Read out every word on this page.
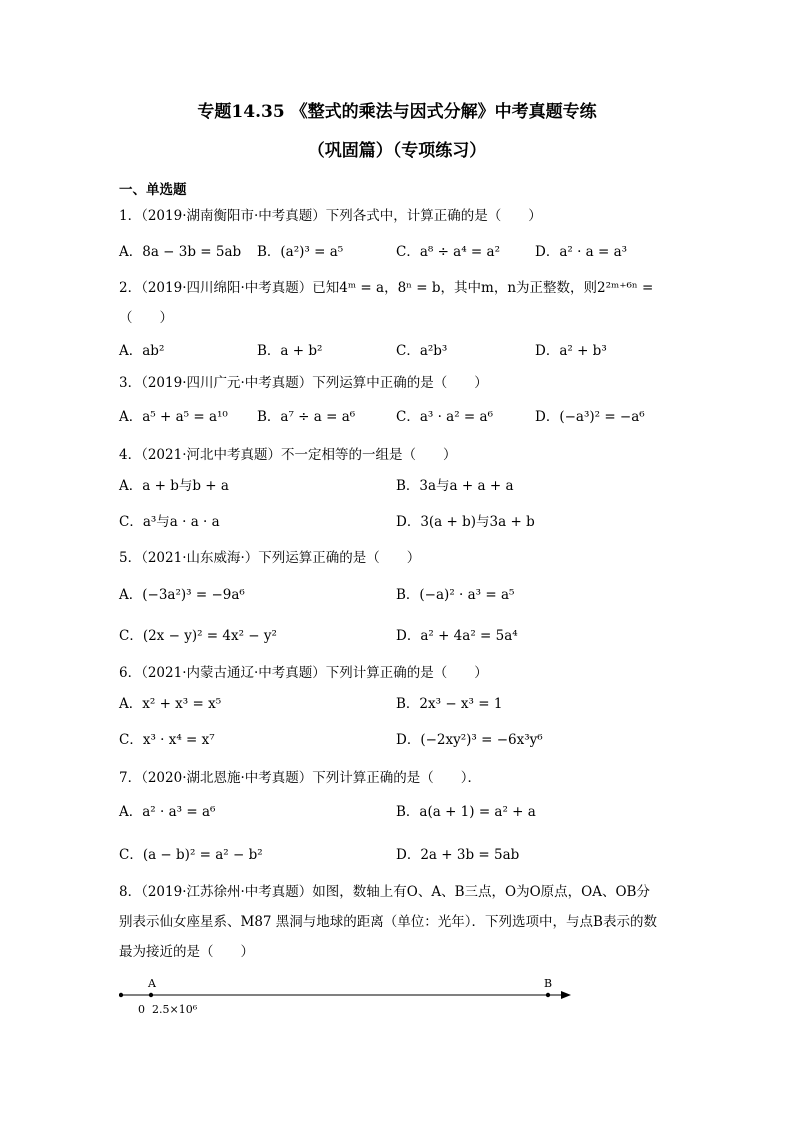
专题14.35 《整式的乘法与因式分解》中考真题专练
（巩固篇）（专项练习）
一、单选题
1．（2019·湖南衡阳市·中考真题）下列各式中，计算正确的是（　　）
A．8a − 3b = 5ab B．(a²)³ = a⁵	C．a⁸ ÷ a⁴ = a²	D．a² · a = a³
2．（2019·四川绵阳·中考真题）已知4ᵐ = a，8ⁿ = b，其中m，n为正整数，则2²ᵐ⁺⁶ⁿ =
（　　）
A．ab²	B．a + b²	C．a²b³	D．a² + b³
3．（2019·四川广元·中考真题）下列运算中正确的是（　　）
A．a⁵ + a⁵ = a¹⁰ B．a⁷ ÷ a = a⁶	C．a³ · a² = a⁶	D．(−a³)² = −a⁶
4．（2021·河北中考真题）不一定相等的一组是（　　）
A．a + b与b + a	B．3a与a + a + a
C．a³与a · a · a	D．3(a + b)与3a + b
5．（2021·山东威海·）下列运算正确的是（　　）
A．(−3a²)³ = −9a⁶	B．(−a)² · a³ = a⁵
C．(2x − y)² = 4x² − y²	D．a² + 4a² = 5a⁴
6．（2021·内蒙古通辽·中考真题）下列计算正确的是（　　）
A．x² + x³ = x⁵	B．2x³ − x³ = 1
C．x³ · x⁴ = x⁷	D．(−2xy²)³ = −6x³y⁶
7．（2020·湖北恩施·中考真题）下列计算正确的是（　　）．
A．a² · a³ = a⁶	B．a(a + 1) = a² + a
C．(a − b)² = a² − b²	D．2a + 3b = 5ab
8．（2019·江苏徐州·中考真题）如图，数轴上有O、A、B三点，O为O原点，OA、OB分
别表示仙女座星系、M87 黑洞与地球的距离（单位：光年）．下列选项中，与点B表示的数
最为接近的是（　　）
A	B
0 2.5×10⁶
